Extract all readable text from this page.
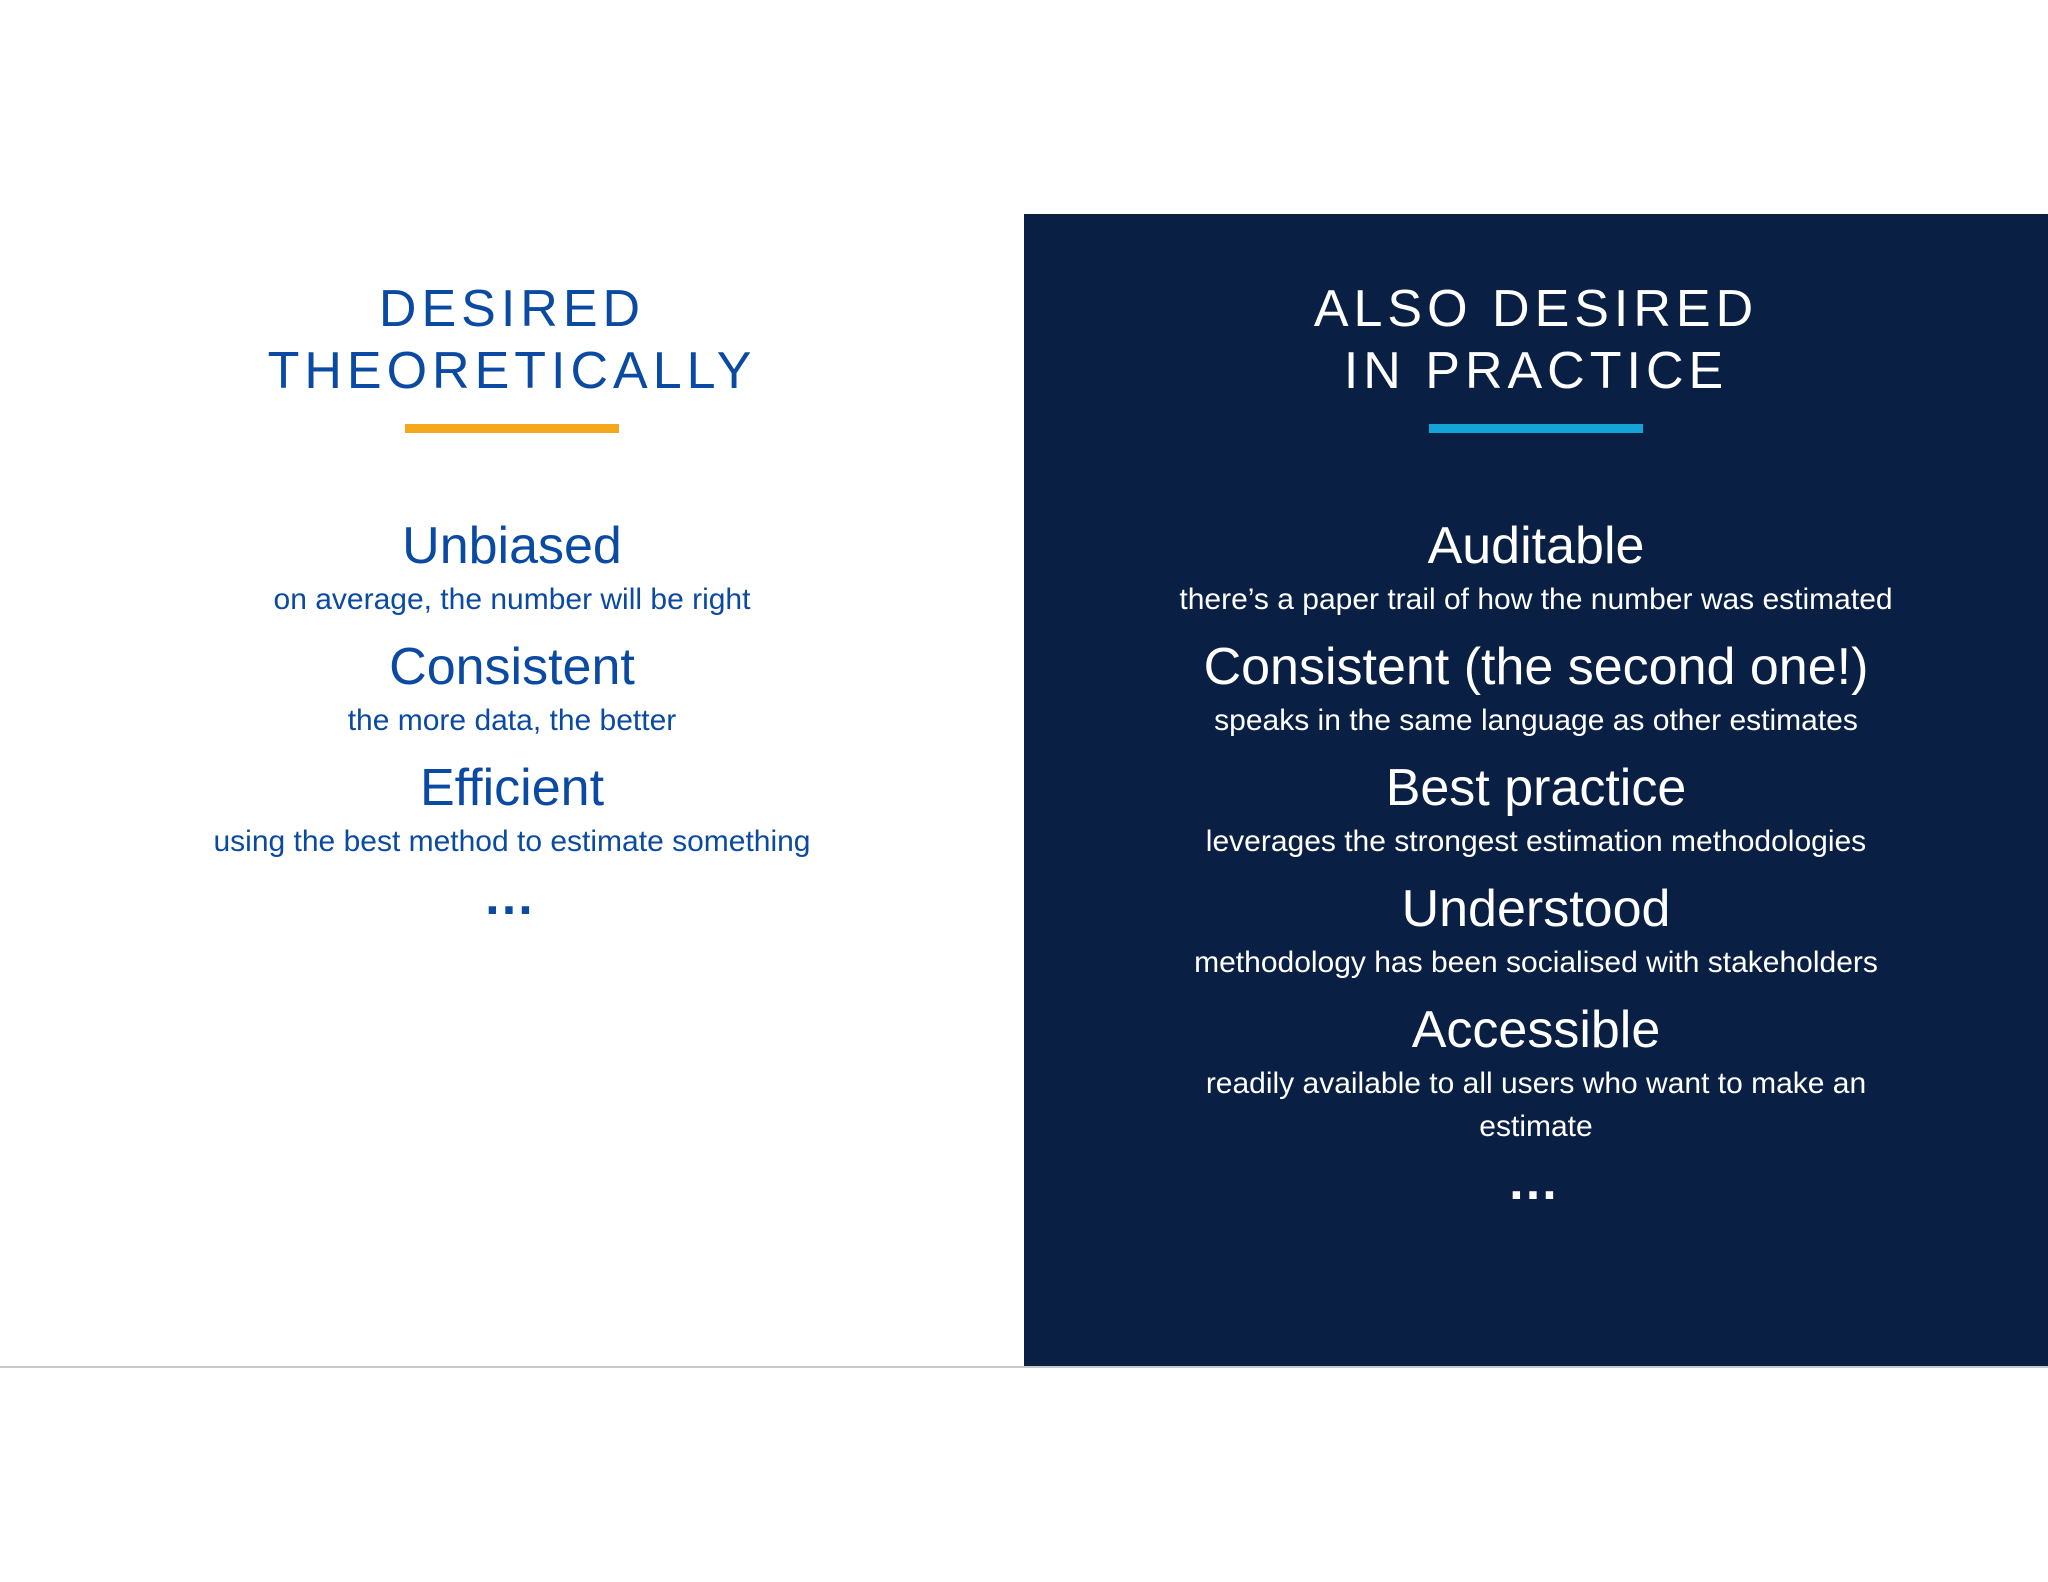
DESIRED
THEORETICALLY

Unbiased

on average, the number will be right

Consistent

the more data, the better

Efficient

using the best method to estimate something

…
ALSO DESIRED
IN PRACTICE

Auditable

there’s a paper trail of how the number was estimated

Consistent (the second one!)

speaks in the same language as other estimates

Best practice

leverages the strongest estimation methodologies

Understood

methodology has been socialised with stakeholders

Accessible

readily available to all users who want to make an estimate

…
